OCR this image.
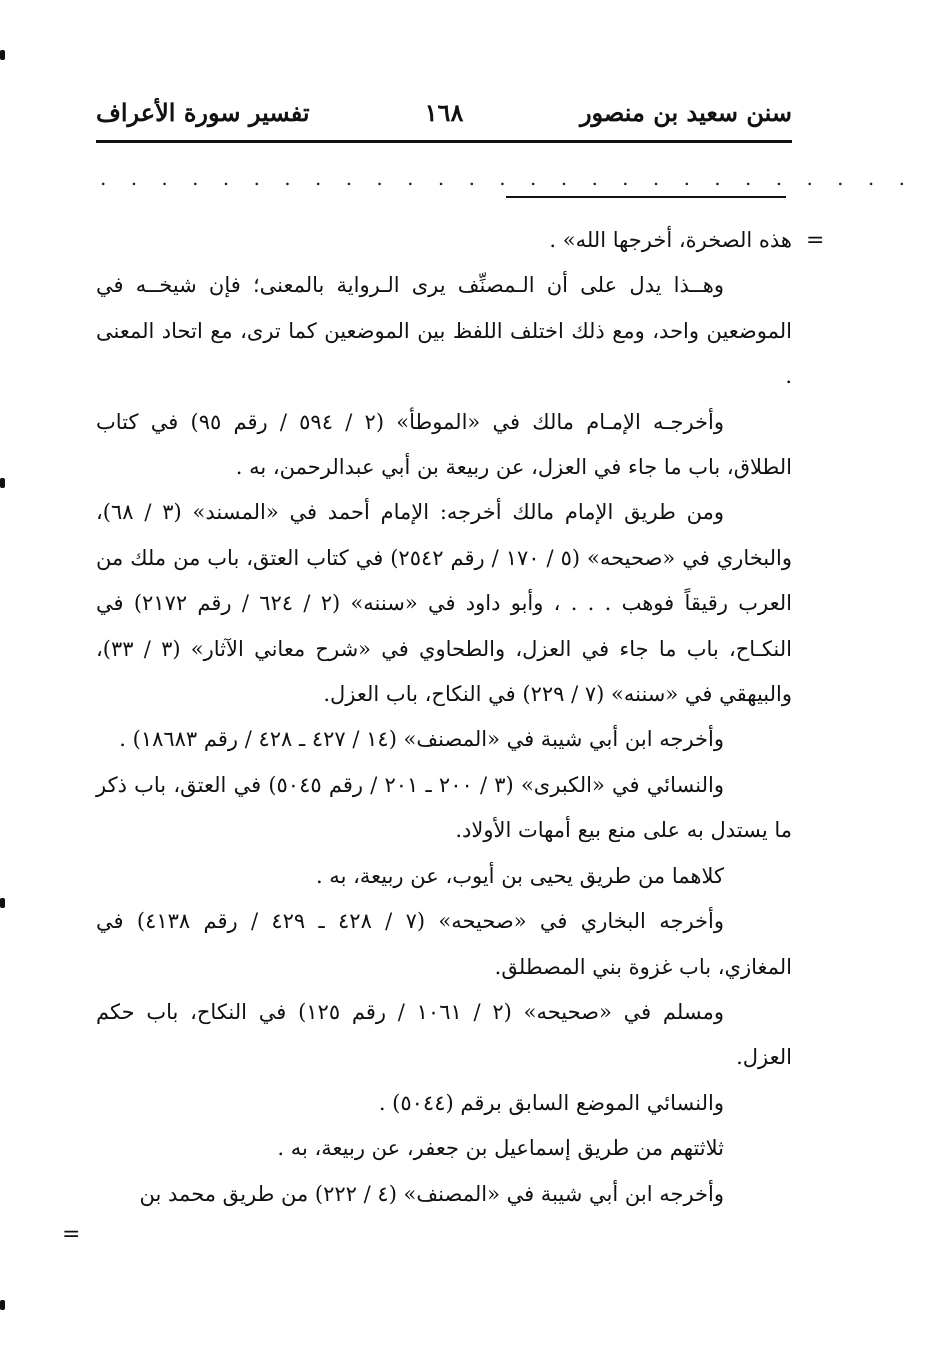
سنن سعيد بن منصور
١٦٨
تفسير سورة الأعراف
. . . . . . . . . . . . . . . . . . . . . . . . . . .
=

هذه الصخرة، أخرجها الله» .

وهــذا يدل على أن الـمصنِّف يرى الـرواية بالمعنى؛ فإن شيخــه في الموضعين واحد، ومع ذلك اختلف اللفظ بين الموضعين كما ترى، مع اتحاد المعنى .

وأخرجـه الإمـام مالك في «الموطأ» (٢ / ٥٩٤ / رقم ٩٥) في كتاب الطلاق، باب ما جاء في العزل، عن ربيعة بن أبي عبدالرحمن، به .

ومن طريق الإمام مالك أخرجه: الإمام أحمد في «المسند» (٣ / ٦٨)، والبخاري في «صحيحه» (٥ / ١٧٠ / رقم ٢٥٤٢) في كتاب العتق، باب من ملك من العرب رقيقاً فوهب . . . ، وأبو داود في «سننه» (٢ / ٦٢٤ / رقم ٢١٧٢) في النكـاح، باب ما جاء في العزل، والطحاوي في «شرح معاني الآثار» (٣ / ٣٣)، والبيهقي في «سننه» (٧ / ٢٢٩) في النكاح، باب العزل.

وأخرجه ابن أبي شيبة في «المصنف» (١٤ / ٤٢٧ ـ ٤٢٨ / رقم ١٨٦٨٣) .

والنسائي في «الكبرى» (٣ / ٢٠٠ ـ ٢٠١ / رقم ٥٠٤٥) في العتق، باب ذكر ما يستدل به على منع بيع أمهات الأولاد.

كلاهما من طريق يحيى بن أيوب، عن ربيعة، به .

وأخرجه البخاري في «صحيحه» (٧ / ٤٢٨ ـ ٤٢٩ / رقم ٤١٣٨) في المغازي، باب غزوة بني المصطلق.

ومسلم في «صحيحه» (٢ / ١٠٦١ / رقم ١٢٥) في النكاح، باب حكم العزل.

والنسائي الموضع السابق برقم (٥٠٤٤) .

ثلاثتهم من طريق إسماعيل بن جعفر، عن ربيعة، به .

وأخرجه ابن أبي شيبة في «المصنف» (٤ / ٢٢٢) من طريق محمد بن

=
